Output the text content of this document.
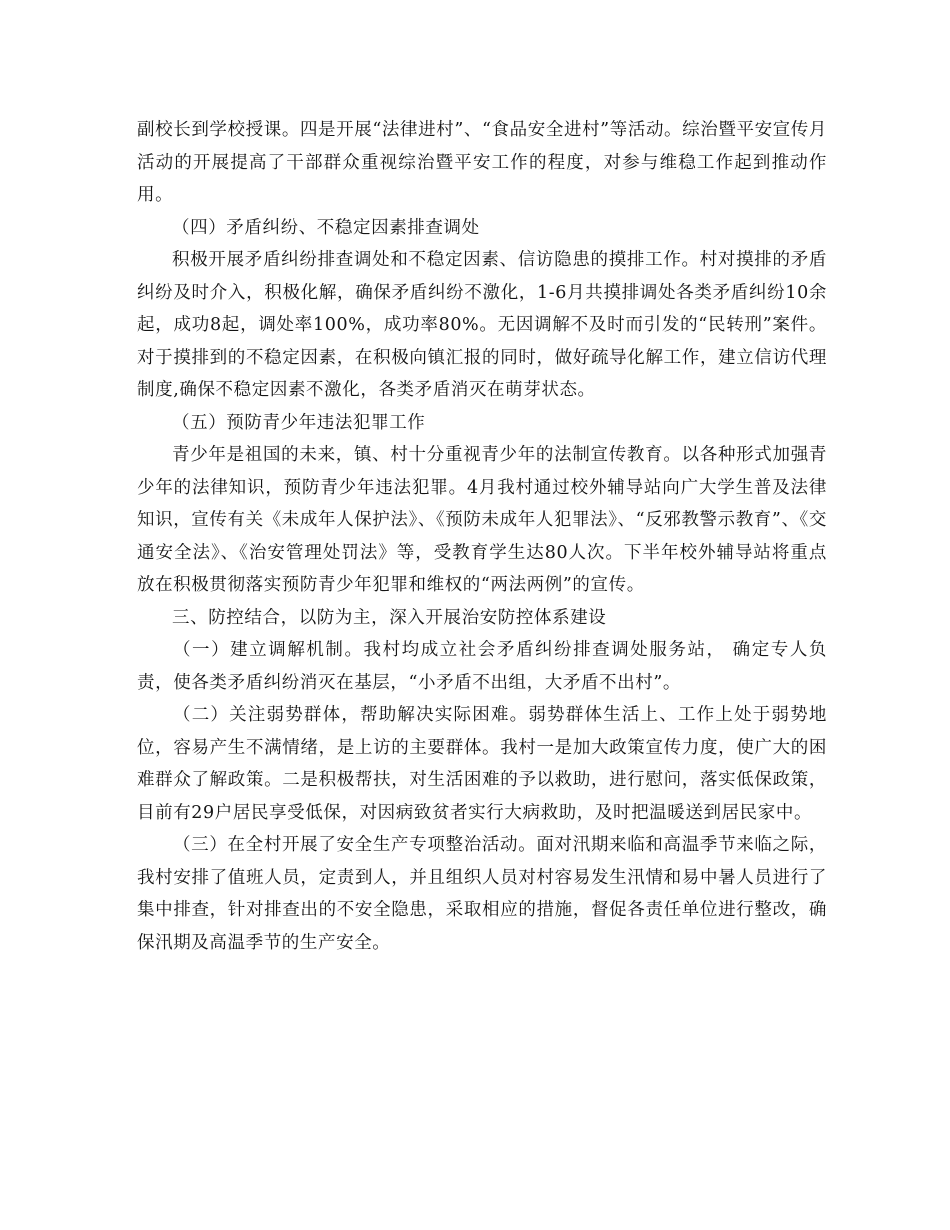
副校长到学校授课。四是开展“法律进村”、“食品安全进村”等活动。综治暨平安宣传月活动的开展提高了干部群众重视综治暨平安工作的程度，对参与维稳工作起到推动作用。

（四）矛盾纠纷、不稳定因素排查调处

积极开展矛盾纠纷排查调处和不稳定因素、信访隐患的摸排工作。村对摸排的矛盾纠纷及时介入，积极化解，确保矛盾纠纷不激化，1-6月共摸排调处各类矛盾纠纷10余起，成功8起，调处率100%，成功率80%。无因调解不及时而引发的“民转刑”案件。对于摸排到的不稳定因素，在积极向镇汇报的同时，做好疏导化解工作，建立信访代理制度,确保不稳定因素不激化，各类矛盾消灭在萌芽状态。

（五）预防青少年违法犯罪工作

青少年是祖国的未来，镇、村十分重视青少年的法制宣传教育。以各种形式加强青少年的法律知识，预防青少年违法犯罪。4月我村通过校外辅导站向广大学生普及法律知识，宣传有关《未成年人保护法》、《预防未成年人犯罪法》、“反邪教警示教育”、《交通安全法》、《治安管理处罚法》等，受教育学生达80人次。下半年校外辅导站将重点放在积极贯彻落实预防青少年犯罪和维权的“两法两例”的宣传。

三、防控结合，以防为主，深入开展治安防控体系建设

（一）建立调解机制。我村均成立社会矛盾纠纷排查调处服务站， 确定专人负责，使各类矛盾纠纷消灭在基层，“小矛盾不出组，大矛盾不出村”。

（二）关注弱势群体，帮助解决实际困难。弱势群体生活上、工作上处于弱势地位，容易产生不满情绪，是上访的主要群体。我村一是加大政策宣传力度，使广大的困难群众了解政策。二是积极帮扶，对生活困难的予以救助，进行慰问，落实低保政策，目前有29户居民享受低保，对因病致贫者实行大病救助，及时把温暖送到居民家中。

（三）在全村开展了安全生产专项整治活动。面对汛期来临和高温季节来临之际，我村安排了值班人员，定责到人，并且组织人员对村容易发生汛情和易中暑人员进行了集中排查，针对排查出的不安全隐患，采取相应的措施，督促各责任单位进行整改，确保汛期及高温季节的生产安全。
